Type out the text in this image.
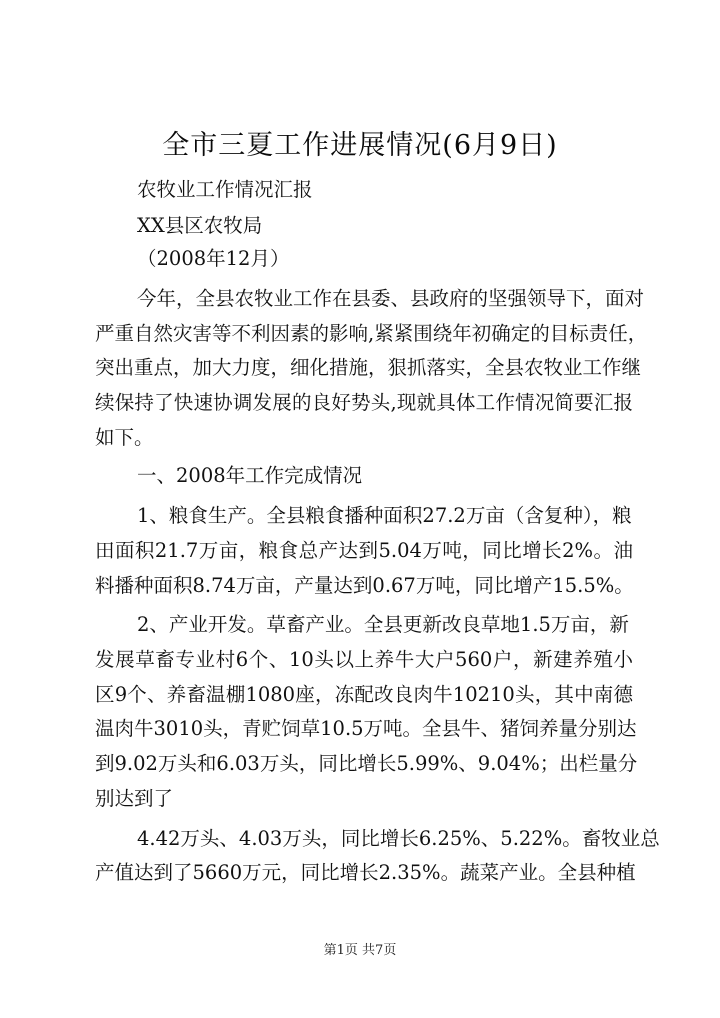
全市三夏工作进展情况(6月9日)
农牧业工作情况汇报
XX县区农牧局
（2008年12月）
今年，全县农牧业工作在县委、县政府的坚强领导下，面对
严重自然灾害等不利因素的影响,紧紧围绕年初确定的目标责任，
突出重点，加大力度，细化措施，狠抓落实，全县农牧业工作继
续保持了快速协调发展的良好势头,现就具体工作情况简要汇报
如下。
一、2008年工作完成情况
1、粮食生产。全县粮食播种面积27.2万亩（含复种），粮
田面积21.7万亩，粮食总产达到5.04万吨，同比增长2%。油
料播种面积8.74万亩，产量达到0.67万吨，同比增产15.5%。
2、产业开发。草畜产业。全县更新改良草地1.5万亩，新
发展草畜专业村6个、10头以上养牛大户560户，新建养殖小
区9个、养畜温棚1080座，冻配改良肉牛10210头，其中南德
温肉牛3010头，青贮饲草10.5万吨。全县牛、猪饲养量分别达
到9.02万头和6.03万头，同比增长5.99%、9.04%；出栏量分
别达到了
4.42万头、4.03万头，同比增长6.25%、5.22%。畜牧业总
产值达到了5660万元，同比增长2.35%。蔬菜产业。全县种植
第1页 共7页
